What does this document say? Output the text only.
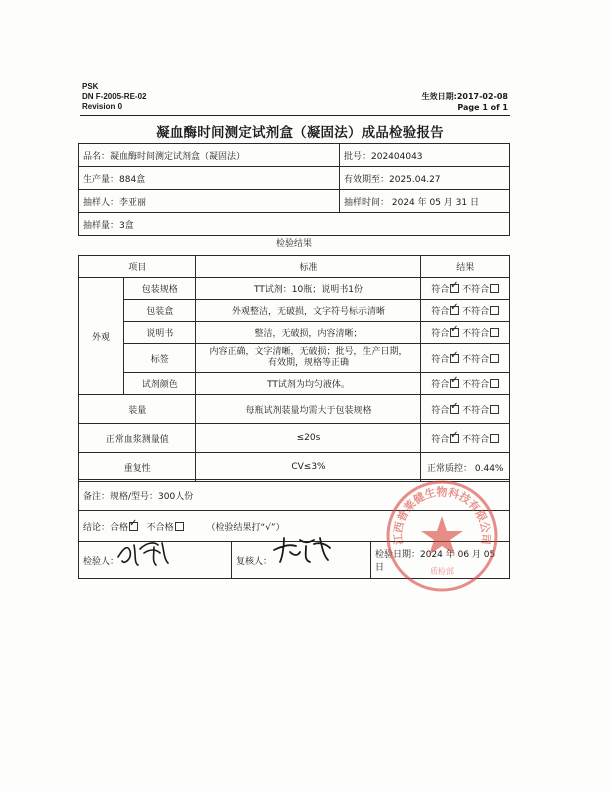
PSK
DN F-2005-RE-02
Revision 0
生效日期:2017-02-08
Page 1 of 1
凝血酶时间测定试剂盒（凝固法）成品检验报告
品名：凝血酶时间测定试剂盒（凝固法）	批号：202404043
生产量：884盒	有效期至：2025.04.27
抽样人：李亚丽	抽样时间： 2024 年 05 月 31 日
抽样量：3盒	
检验结果
项目		标准	结果
外观	包装规格	TT试剂：10瓶；说明书1份	符合 ✓ 不符合
	包装盒	外观整洁，无破损，文字符号标示清晰	符合 ✓ 不符合
	说明书	整洁，无破损，内容清晰；	符合 ✓ 不符合
	标签	内容正确，文字清晰，无破损；批号，生产日期，
有效期，规格等正确	符合 ✓ 不符合
	试剂颜色	TT试剂为均匀液体。	符合 ✓ 不符合
装量		每瓶试剂装量均需大于包装规格	符合 ✓ 不符合
正常血浆测量值		≤20s	符合 ✓ 不符合
重复性		CV≤3%	正常质控： 0.44%
备注：规格/型号：300人份
结论：合格 ✓ 不合格	（检验结果打“√”）
检验人：	复核人：	检验日期：2024 年 06 月 05 日
江西普莱健生物科技有限公司
质检部
